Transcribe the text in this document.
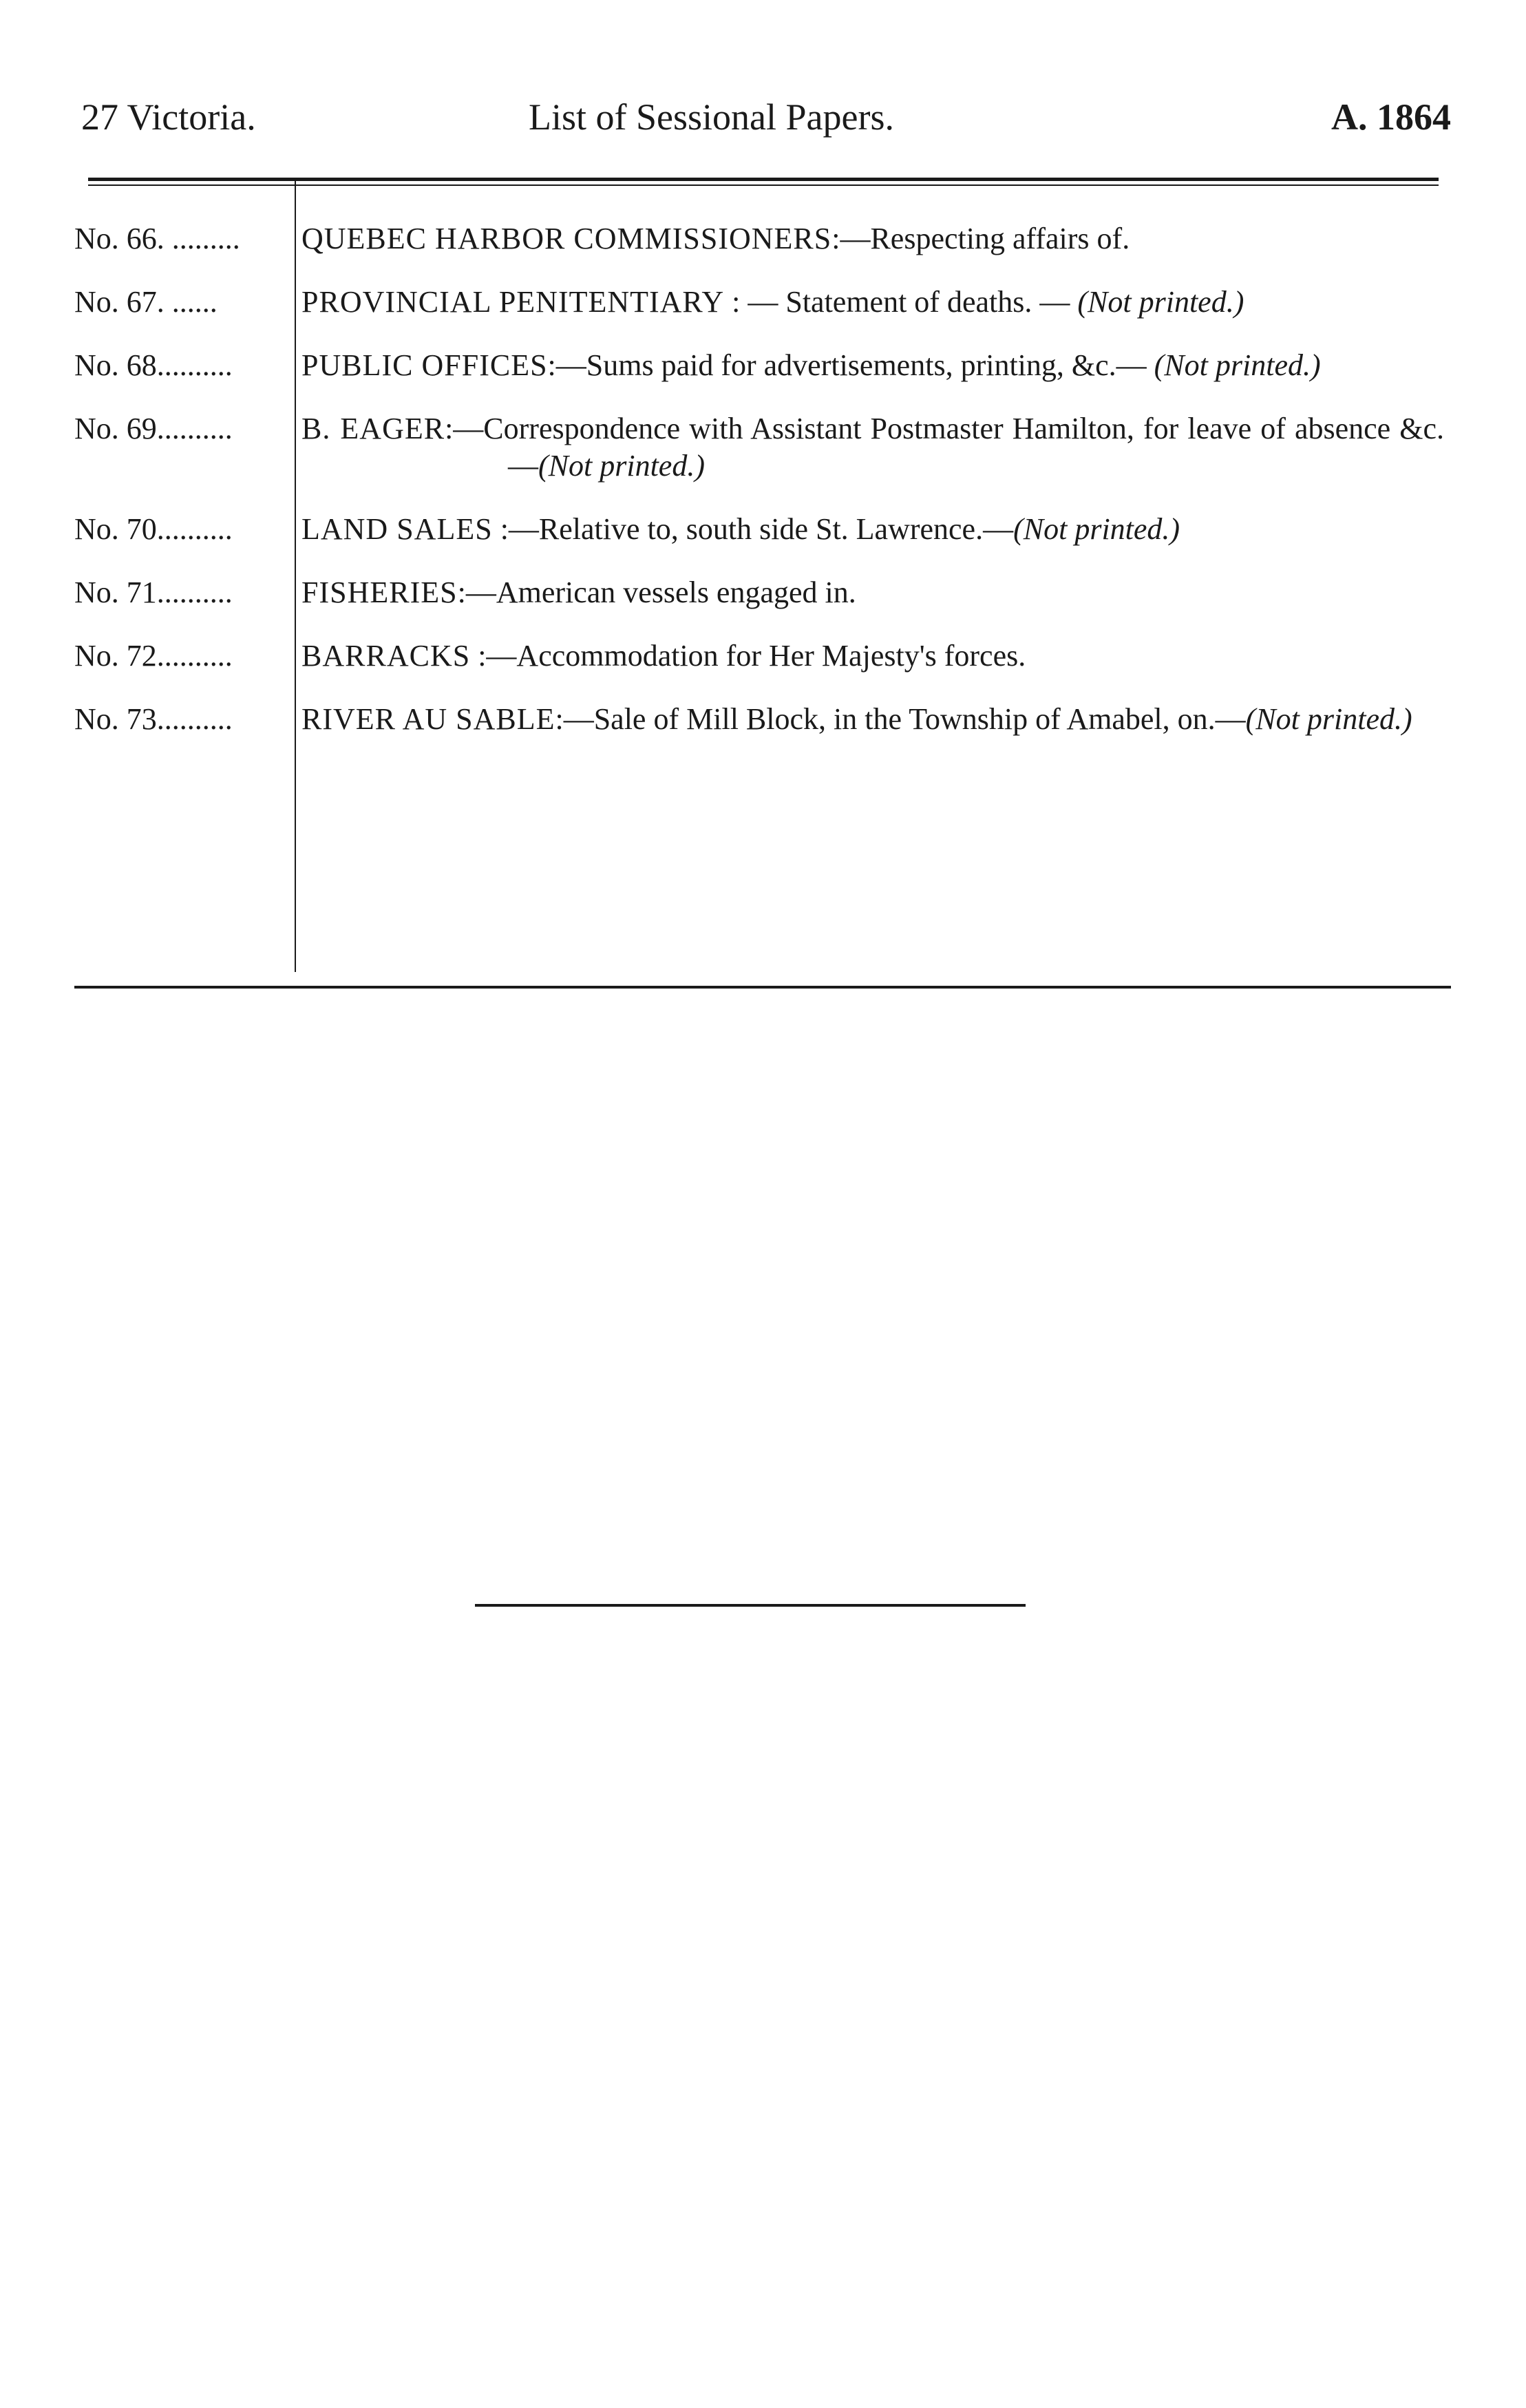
27 Victoria.	List of Sessional Papers.	A. 1864
No. 66. .........	QUEBEC HARBOR COMMISSIONERS:—Respecting affairs of.
No. 67. ......	PROVINCIAL PENITENTIARY : — Statement of deaths. — (Not printed.)
No. 68..........	PUBLIC OFFICES:—Sums paid for advertisements, printing, &c.— (Not printed.)
No. 69..........	B. EAGER:—Correspondence with Assistant Postmaster Hamilton, for leave of absence &c.—(Not printed.)
No. 70..........	LAND SALES :—Relative to, south side St. Lawrence.—(Not printed.)
No. 71..........	FISHERIES:—American vessels engaged in.
No. 72..........	BARRACKS :—Accommodation for Her Majesty's forces.
No. 73..........	RIVER AU SABLE:—Sale of Mill Block, in the Township of Amabel, on.—(Not printed.)
